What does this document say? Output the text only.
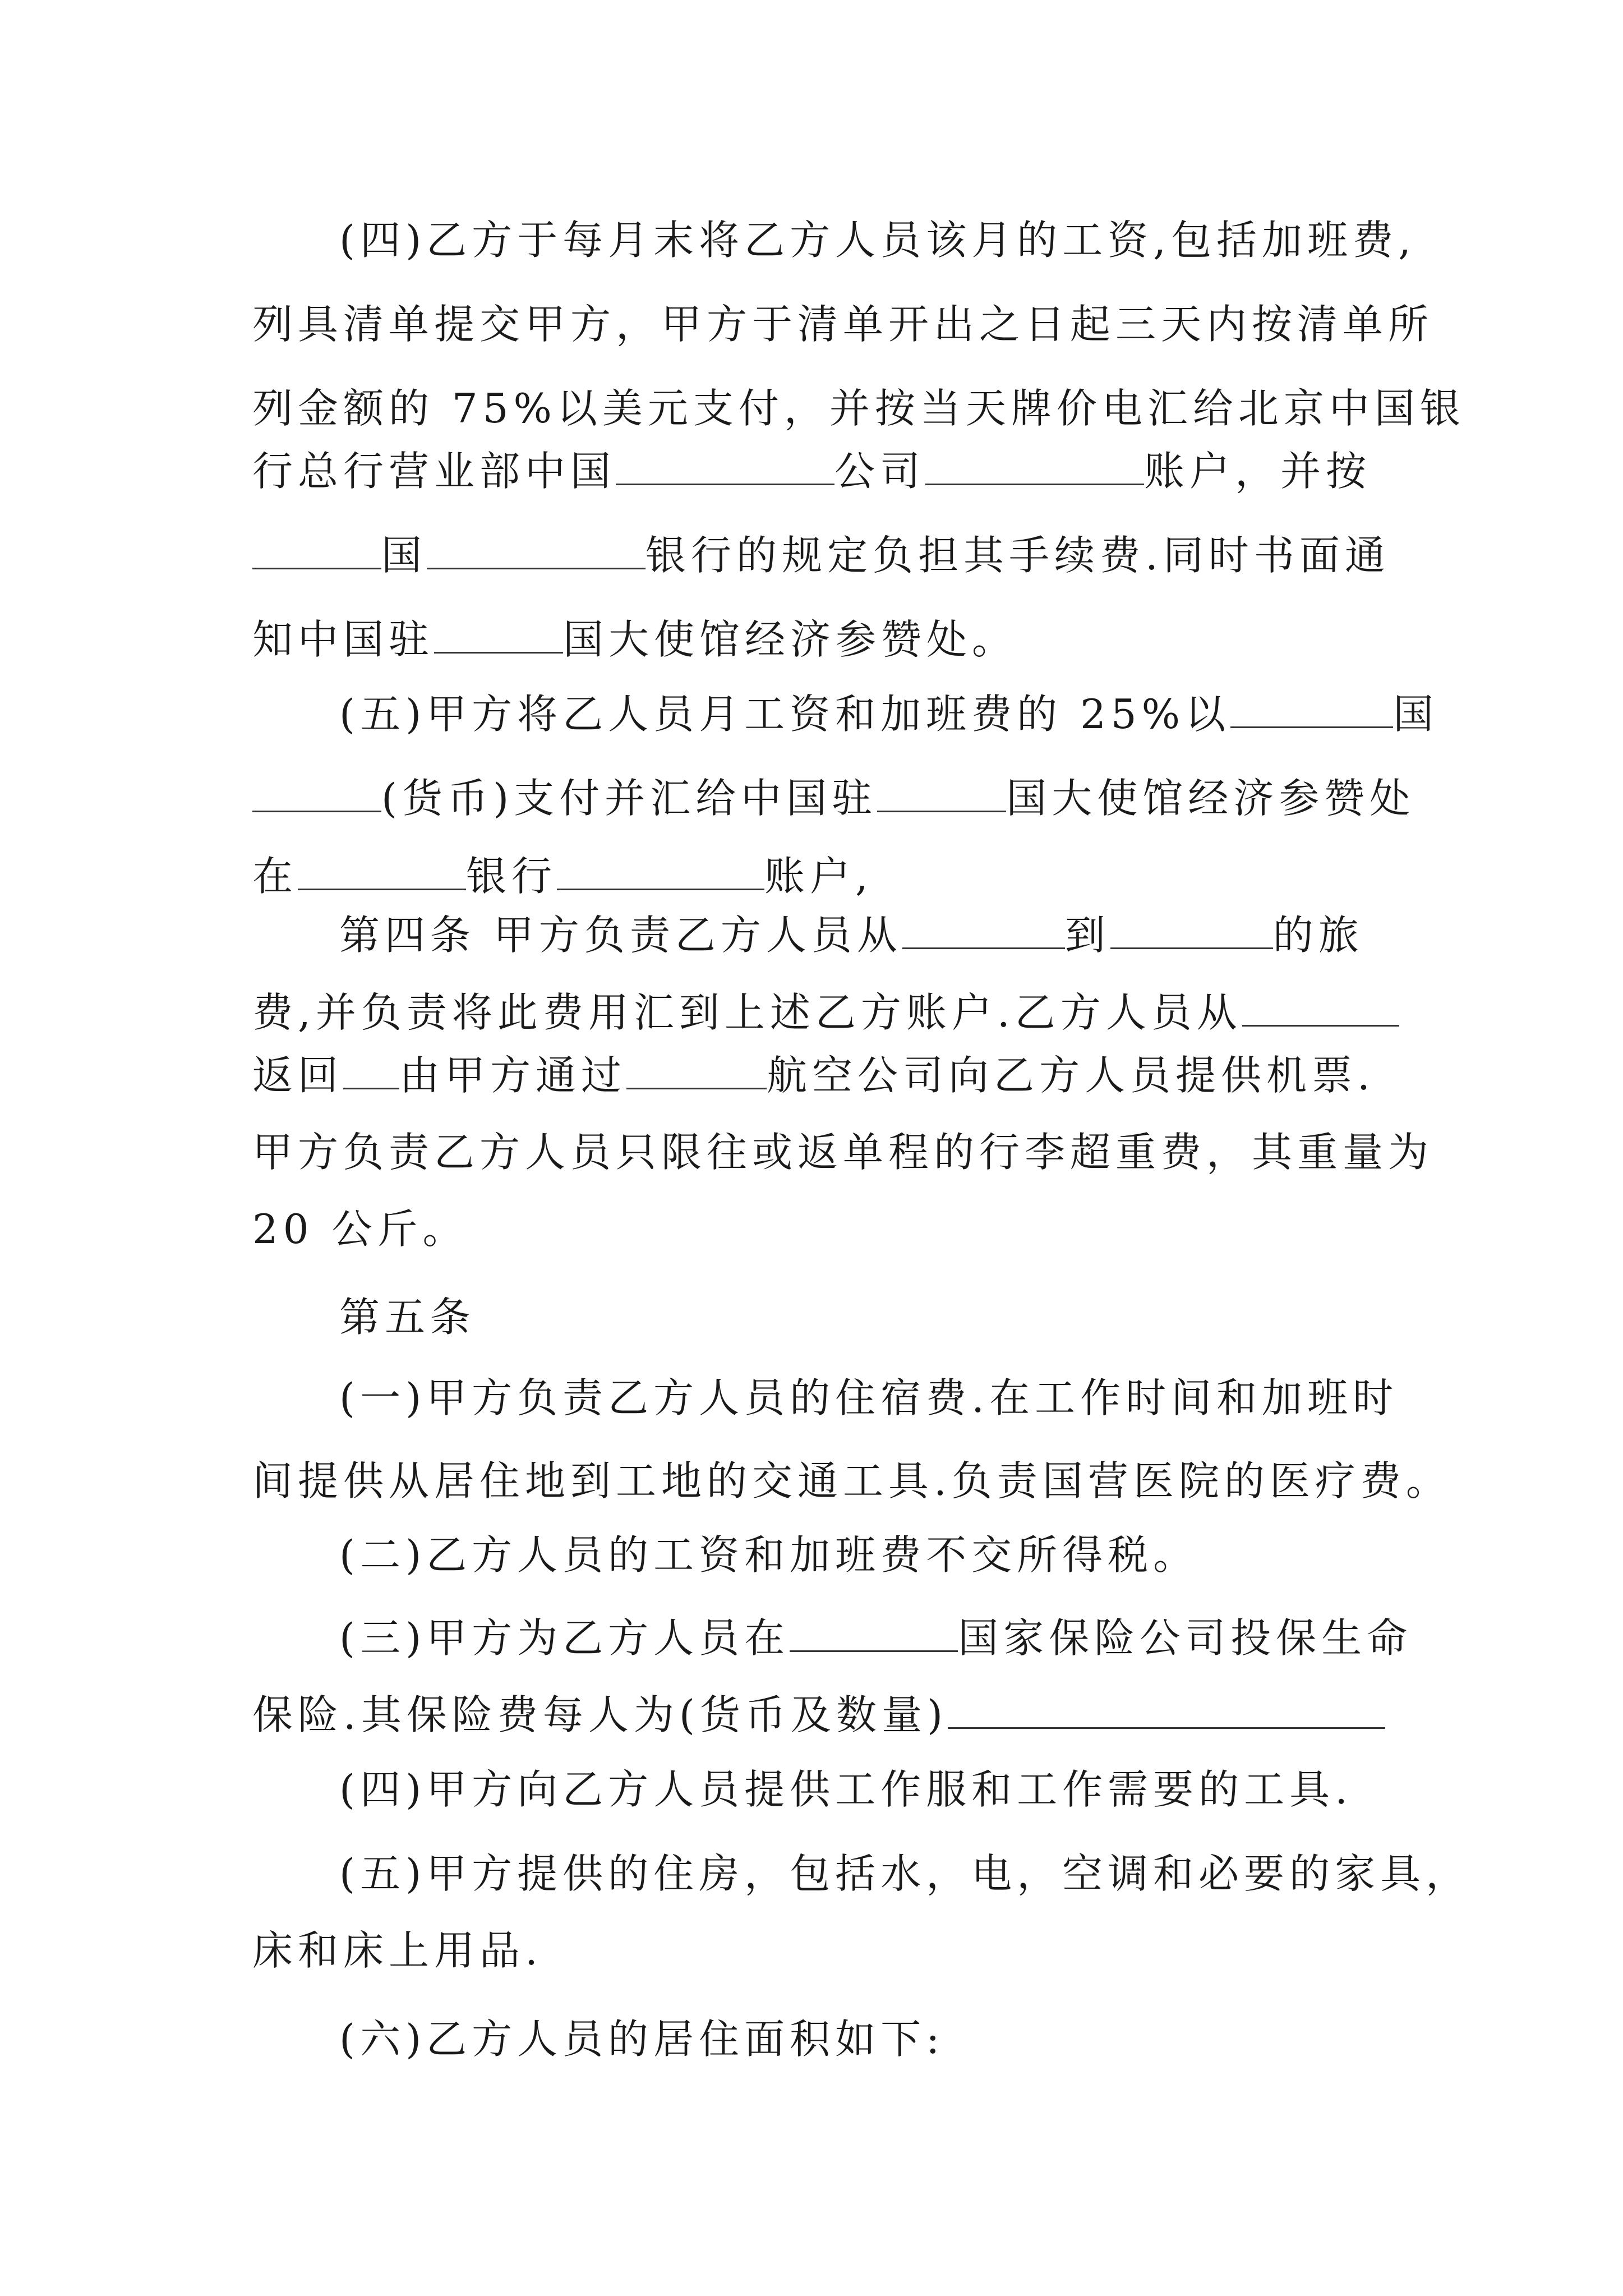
(四)乙方于每月末将乙方人员该月的工资,包括加班费,
列具清单提交甲方，甲方于清单开出之日起三天内按清单所
列金额的 75%以美元支付，并按当天牌价电汇给北京中国银
行总行营业部中国	公司	账户，并按
国	银行的规定负担其手续费.同时书面通
知中国驻	国大使馆经济参赞处。
(五)甲方将乙人员月工资和加班费的 25%以	国
(货币)支付并汇给中国驻	国大使馆经济参赞处
在	银行	账户,
第四条 甲方负责乙方人员从	到	的旅
费,并负责将此费用汇到上述乙方账户.乙方人员从
返回 由甲方通过	航空公司向乙方人员提供机票.
甲方负责乙方人员只限往或返单程的行李超重费，其重量为
20 公斤。
第五条
(一)甲方负责乙方人员的住宿费.在工作时间和加班时
间提供从居住地到工地的交通工具.负责国营医院的医疗费。
(二)乙方人员的工资和加班费不交所得税。
(三)甲方为乙方人员在	国家保险公司投保生命
保险.其保险费每人为(货币及数量)
(四)甲方向乙方人员提供工作服和工作需要的工具.
(五)甲方提供的住房，包括水，电，空调和必要的家具，
床和床上用品.
(六)乙方人员的居住面积如下:
